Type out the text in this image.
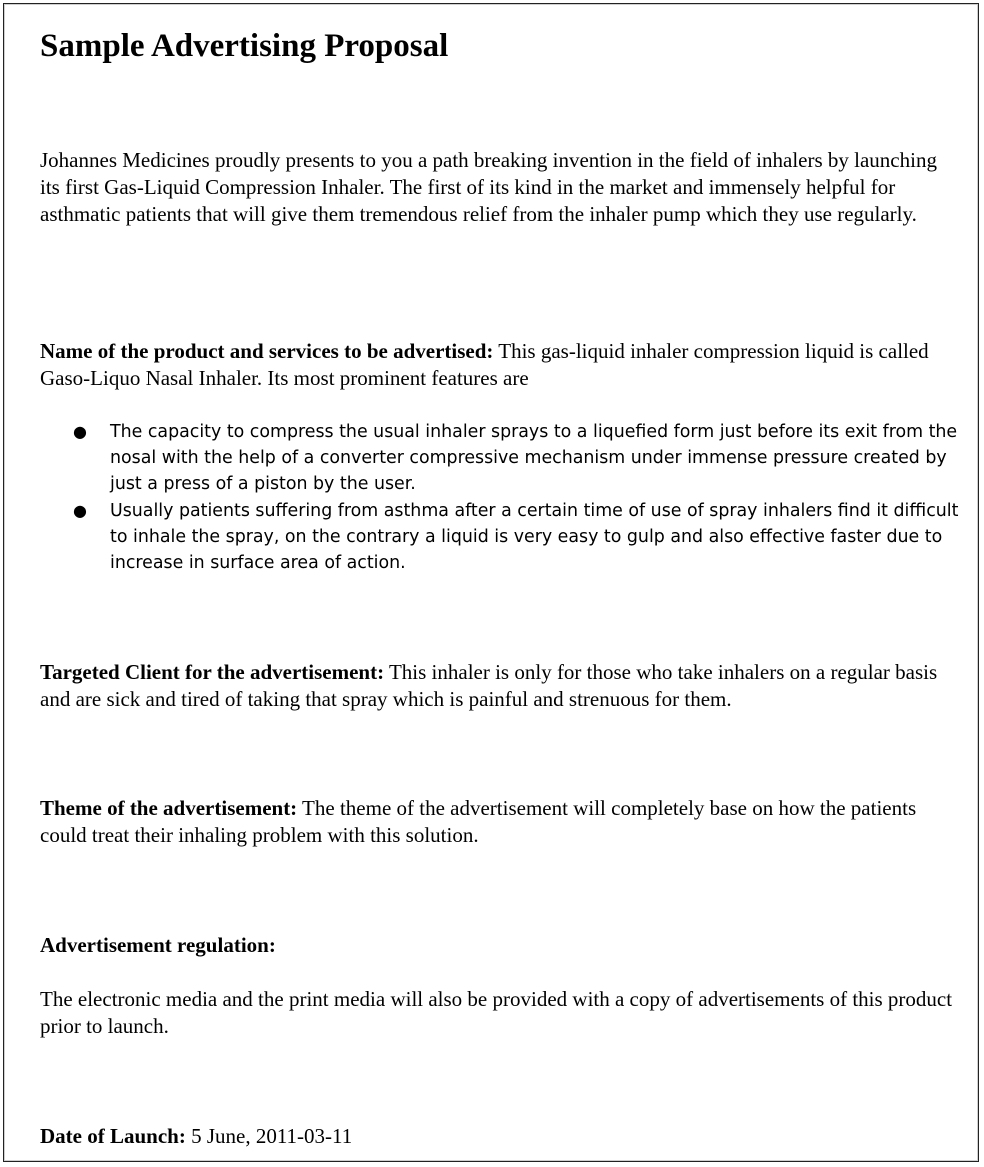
Sample Advertising Proposal

Johannes Medicines proudly presents to you a path breaking invention in the field of inhalers by launching its first Gas-Liquid Compression Inhaler. The first of its kind in the market and immensely helpful for asthmatic patients that will give them tremendous relief from the inhaler pump which they use regularly.

Name of the product and services to be advertised: This gas-liquid inhaler compression liquid is called Gaso-Liquo Nasal Inhaler. Its most prominent features are

● The capacity to compress the usual inhaler sprays to a liquefied form just before its exit from the nosal with the help of a converter compressive mechanism under immense pressure created by just a press of a piston by the user.
● Usually patients suffering from asthma after a certain time of use of spray inhalers find it difficult to inhale the spray, on the contrary a liquid is very easy to gulp and also effective faster due to increase in surface area of action.

Targeted Client for the advertisement: This inhaler is only for those who take inhalers on a regular basis and are sick and tired of taking that spray which is painful and strenuous for them.

Theme of the advertisement: The theme of the advertisement will completely base on how the patients could treat their inhaling problem with this solution.

Advertisement regulation:

The electronic media and the print media will also be provided with a copy of advertisements of this product prior to launch.

Date of Launch: 5 June, 2011-03-11
